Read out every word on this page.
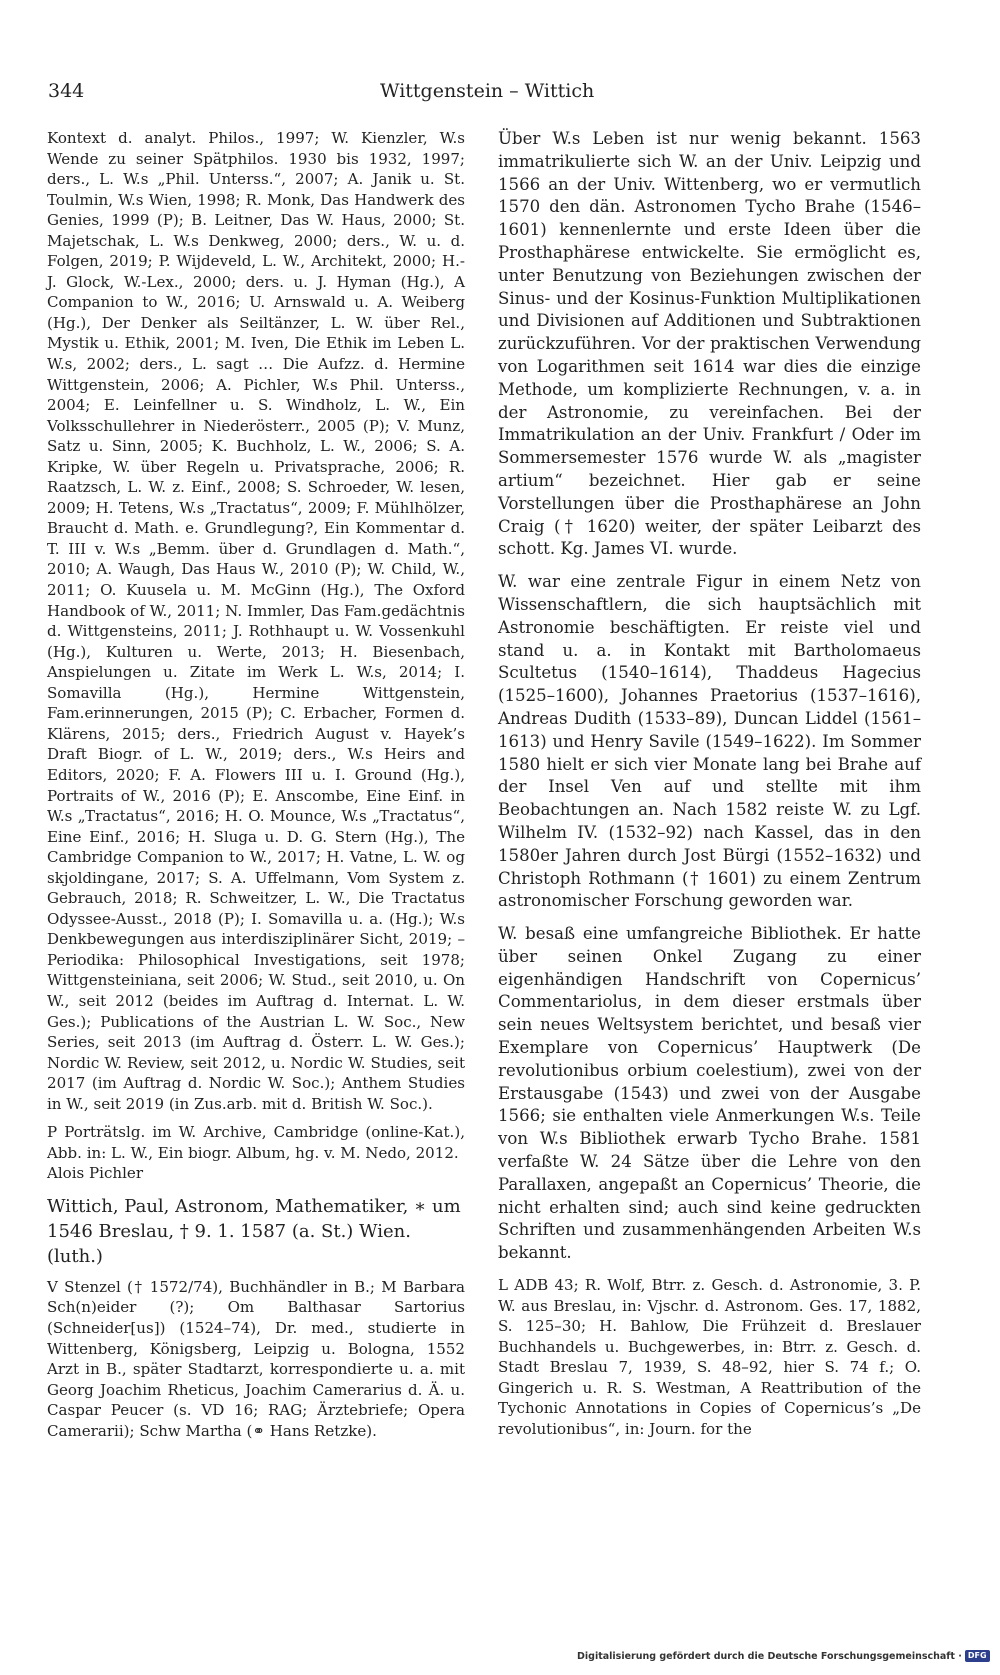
344	Wittgenstein – Wittich

Kontext d. analyt. Philos., 1997; W. Kienzler, W.s Wende zu seiner Spätphilos. 1930 bis 1932, 1997; ders., L. W.s „Phil. Unterss.“, 2007; A. Janik u. St. Toulmin, W.s Wien, 1998; R. Monk, Das Handwerk des Genies, 1999 (P); B. Leitner, Das W. Haus, 2000; St. Majetschak, L. W.s Denkweg, 2000; ders., W. u. d. Folgen, 2019; P. Wijdeveld, L. W., Architekt, 2000; H.-J. Glock, W.-Lex., 2000; ders. u. J. Hyman (Hg.), A Companion to W., 2016; U. Arnswald u. A. Weiberg (Hg.), Der Denker als Seiltänzer, L. W. über Rel., Mystik u. Ethik, 2001; M. Iven, Die Ethik im Leben L. W.s, 2002; ders., L. sagt … Die Aufzz. d. Hermine Wittgenstein, 2006; A. Pichler, W.s Phil. Unterss., 2004; E. Leinfellner u. S. Windholz, L. W., Ein Volksschullehrer in Niederösterr., 2005 (P); V. Munz, Satz u. Sinn, 2005; K. Buchholz, L. W., 2006; S. A. Kripke, W. über Regeln u. Privatsprache, 2006; R. Raatzsch, L. W. z. Einf., 2008; S. Schroeder, W. lesen, 2009; H. Tetens, W.s „Tractatus“, 2009; F. Mühlhölzer, Braucht d. Math. e. Grundlegung?, Ein Kommentar d. T. III v. W.s „Bemm. über d. Grundlagen d. Math.“, 2010; A. Waugh, Das Haus W., 2010 (P); W. Child, W., 2011; O. Kuusela u. M. McGinn (Hg.), The Oxford Handbook of W., 2011; N. Immler, Das Fam.gedächtnis d. Wittgensteins, 2011; J. Rothhaupt u. W. Vossenkuhl (Hg.), Kulturen u. Werte, 2013; H. Biesenbach, Anspielungen u. Zitate im Werk L. W.s, 2014; I. Somavilla (Hg.), Hermine Wittgenstein, Fam.erinnerungen, 2015 (P); C. Erbacher, Formen d. Klärens, 2015; ders., Friedrich August v. Hayek’s Draft Biogr. of L. W., 2019; ders., W.s Heirs and Editors, 2020; F. A. Flowers III u. I. Ground (Hg.), Portraits of W., 2016 (P); E. Anscombe, Eine Einf. in W.s „Tractatus“, 2016; H. O. Mounce, W.s „Tractatus“, Eine Einf., 2016; H. Sluga u. D. G. Stern (Hg.), The Cambridge Companion to W., 2017; H. Vatne, L. W. og skjoldingane, 2017; S. A. Uffelmann, Vom System z. Gebrauch, 2018; R. Schweitzer, L. W., Die Tractatus Odyssee-Ausst., 2018 (P); I. Somavilla u. a. (Hg.); W.s Denkbewegungen aus interdisziplinärer Sicht, 2019; – Periodika: Philosophical Investigations, seit 1978; Wittgensteiniana, seit 2006; W. Stud., seit 2010, u. On W., seit 2012 (beides im Auftrag d. Internat. L. W. Ges.); Publications of the Austrian L. W. Soc., New Series, seit 2013 (im Auftrag d. Österr. L. W. Ges.); Nordic W. Review, seit 2012, u. Nordic W. Studies, seit 2017 (im Auftrag d. Nordic W. Soc.); Anthem Studies in W., seit 2019 (in Zus.arb. mit d. British W. Soc.).

P Porträtslg. im W. Archive, Cambridge (online-Kat.), Abb. in: L. W., Ein biogr. Album, hg. v. M. Nedo, 2012.

Alois Pichler

Wittich, Paul, Astronom, Mathematiker, ∗ um 1546 Breslau, † 9. 1. 1587 (a. St.) Wien. (luth.)

V Stenzel († 1572/74), Buchhändler in B.; M Barbara Sch(n)eider (?); Om Balthasar Sartorius (Schneider[us]) (1524–74), Dr. med., studierte in Wittenberg, Königsberg, Leipzig u. Bologna, 1552 Arzt in B., später Stadtarzt, korrespondierte u. a. mit Georg Joachim Rheticus, Joachim Camerarius d. Ä. u. Caspar Peucer (s. VD 16; RAG; Ärztebriefe; Opera Camerarii); Schw Martha (⚭ Hans Retzke).

Über W.s Leben ist nur wenig bekannt. 1563 immatrikulierte sich W. an der Univ. Leipzig und 1566 an der Univ. Wittenberg, wo er vermutlich 1570 den dän. Astronomen Tycho Brahe (1546–1601) kennenlernte und erste Ideen über die Prosthaphärese entwickelte. Sie ermöglicht es, unter Benutzung von Beziehungen zwischen der Sinus- und der Kosinus-Funktion Multiplikationen und Divisionen auf Additionen und Subtraktionen zurückzuführen. Vor der praktischen Verwendung von Logarithmen seit 1614 war dies die einzige Methode, um komplizierte Rechnungen, v. a. in der Astronomie, zu vereinfachen. Bei der Immatrikulation an der Univ. Frankfurt / Oder im Sommersemester 1576 wurde W. als „magister artium“ bezeichnet. Hier gab er seine Vorstellungen über die Prosthaphärese an John Craig († 1620) weiter, der später Leibarzt des schott. Kg. James VI. wurde.

W. war eine zentrale Figur in einem Netz von Wissenschaftlern, die sich hauptsächlich mit Astronomie beschäftigten. Er reiste viel und stand u. a. in Kontakt mit Bartholomaeus Scultetus (1540–1614), Thaddeus Hagecius (1525–1600), Johannes Praetorius (1537–1616), Andreas Dudith (1533–89), Duncan Liddel (1561–1613) und Henry Savile (1549–1622). Im Sommer 1580 hielt er sich vier Monate lang bei Brahe auf der Insel Ven auf und stellte mit ihm Beobachtungen an. Nach 1582 reiste W. zu Lgf. Wilhelm IV. (1532–92) nach Kassel, das in den 1580er Jahren durch Jost Bürgi (1552–1632) und Christoph Rothmann († 1601) zu einem Zentrum astronomischer Forschung geworden war.

W. besaß eine umfangreiche Bibliothek. Er hatte über seinen Onkel Zugang zu einer eigenhändigen Handschrift von Copernicus’ Commentariolus, in dem dieser erstmals über sein neues Weltsystem berichtet, und besaß vier Exemplare von Copernicus’ Hauptwerk (De revolutionibus orbium coelestium), zwei von der Erstausgabe (1543) und zwei von der Ausgabe 1566; sie enthalten viele Anmerkungen W.s. Teile von W.s Bibliothek erwarb Tycho Brahe. 1581 verfaßte W. 24 Sätze über die Lehre von den Parallaxen, angepaßt an Copernicus’ Theorie, die nicht erhalten sind; auch sind keine gedruckten Schriften und zusammenhängenden Arbeiten W.s bekannt.

L ADB 43; R. Wolf, Btrr. z. Gesch. d. Astronomie, 3. P. W. aus Breslau, in: Vjschr. d. Astronom. Ges. 17, 1882, S. 125–30; H. Bahlow, Die Frühzeit d. Breslauer Buchhandels u. Buchgewerbes, in: Btrr. z. Gesch. d. Stadt Breslau 7, 1939, S. 48–92, hier S. 74 f.; O. Gingerich u. R. S. Westman, A Reattribution of the Tychonic Annotations in Copies of Copernicus’s „De revolutionibus“, in: Journ. for the

Digitalisierung gefördert durch die Deutsche Forschungsgemeinschaft · DFG
